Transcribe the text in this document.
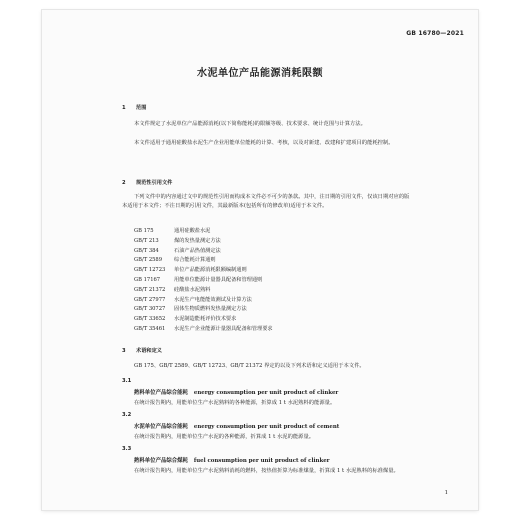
GB 16780—2021
水泥单位产品能源消耗限额
1 范围
本文件规定了水泥单位产品能源消耗(以下简称能耗)的限额等级、技术要求、统计范围与计算方法。
本文件适用于通用硅酸盐水泥生产企业用能单位能耗的计算、考核，以及对新建、改建和扩建项目的能耗控制。
2 规范性引用文件
下列文件中的内容通过文中的规范性引用而构成本文件必不可少的条款。其中，注日期的引用文件，仅该日期对应的版本适用于本文件；不注日期的引用文件，其最新版本(包括所有的修改单)适用于本文件。
GB 175	通用硅酸盐水泥
GB/T 213	煤的发热量测定方法
GB/T 384	石油产品热值测定法
GB/T 2589 综合能耗计算通则
GB/T 12723 单位产品能源消耗限额编制通则
GB 17167	用能单位能源计量器具配备和管理通则
GB/T 21372 硅酸盐水泥熟料
GB/T 27977 水泥生产电能能效测试及计算方法
GB/T 30727 固体生物质燃料发热量测定方法
GB/T 33652 水泥制造能耗评价技术要求
GB/T 35461 水泥生产企业能源计量器具配备和管理要求
3 术语和定义
GB 175、GB/T 2589、GB/T 12723、GB/T 21372 界定的以及下列术语和定义适用于本文件。
3.1
熟料单位产品综合能耗 energy consumption per unit product of clinker
在统计报告期内，用能单位生产水泥熟料的各种能源，折算成 1 t 水泥熟料的能源量。
3.2
水泥单位产品综合能耗 energy consumption per unit product of cement
在统计报告期内，用能单位生产水泥的各种能源，折算成 1 t 水泥的能源量。
3.3
熟料单位产品综合煤耗 fuel consumption per unit product of clinker
在统计报告期内，用能单位生产水泥熟料消耗的燃料，按热值折算为标准煤量，折算成 1 t 水泥熟料的标准煤量。
1
